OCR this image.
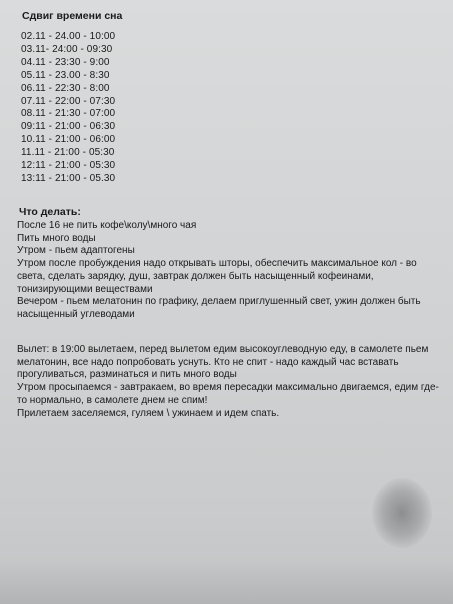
Сдвиг времени сна
02.11 - 24.00 - 10:00
03.11- 24:00 - 09:30
04.11 - 23:30 - 9:00
05.11 - 23.00 - 8:30
06.11 - 22:30 - 8:00
07.11 - 22:00 - 07:30
08.11 - 21:30 - 07:00
09:11 - 21:00 - 06:30
10.11 - 21:00 - 06:00
11.11 - 21:00 - 05:30
12:11 - 21:00 - 05:30
13:11 - 21:00 - 05.30
Что делать:
После 16 не пить кофе\колу\много чая
Пить много воды
Утром - пьем адаптогены
Утром после пробуждения надо открывать шторы, обеспечить максимальное кол - во света, сделать зарядку, душ, завтрак должен быть насыщенный кофеинами, тонизирующими веществами
Вечером - пьем мелатонин по графику, делаем приглушенный свет, ужин должен быть насыщенный углеводами
Вылет: в 19:00 вылетаем, перед вылетом едим высокоуглеводную еду, в самолете пьем мелатонин, все надо попробовать уснуть. Кто не спит - надо каждый час вставать прогуливаться, разминаться и пить много воды
Утром просыпаемся - завтракаем, во время пересадки максимально двигаемся, едим где-то нормально, в самолете днем не спим!
Прилетаем заселяемся, гуляем \ ужинаем и идем спать.
